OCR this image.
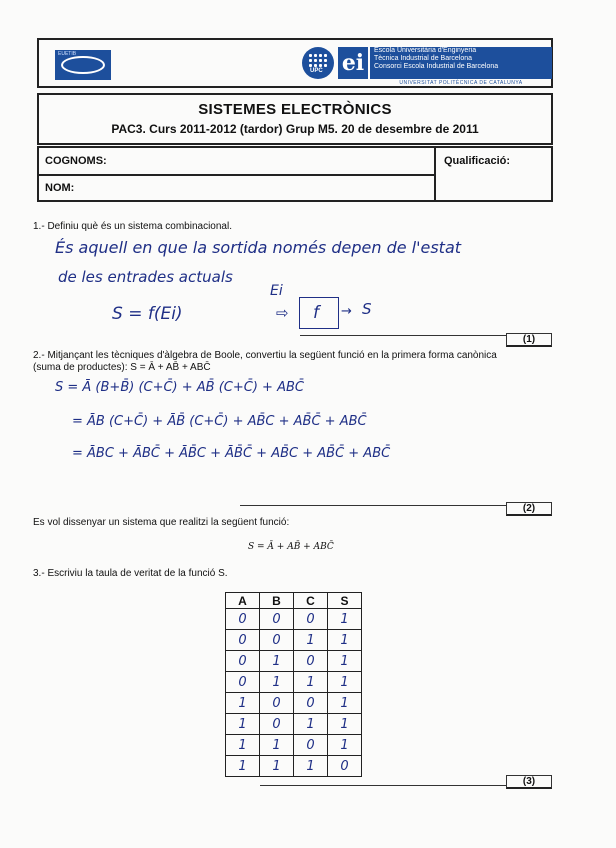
EUETIB
UPC ei	Escola Universitària d'Enginyeria
Tècnica Industrial de Barcelona
Consorci Escola Industrial de Barcelona
UNIVERSITAT POLITÈCNICA DE CATALUNYA
SISTEMES ELECTRÒNICS
PAC3. Curs 2011-2012 (tardor) Grup M5. 20 de desembre de 2011
COGNOMS:
NOM:
Qualificació:
1.- Definiu què és un sistema combinacional.
És aquell en que la sortida només depen de l'estat
de les entrades actuals
S = f(Ei)
Ei
⇨ f → S
(1)
2.- Mitjançant les tècniques d'àlgebra de Boole, convertiu la següent funció en la primera forma canònica
(suma de productes): S = Ā + AB̄ + ABC̄
S = Ā (B+B̄) (C+C̄) + AB̄ (C+C̄) + ABC̄
= ĀB (C+C̄) + ĀB̄ (C+C̄) + AB̄C + AB̄C̄ + ABC̄
= ĀBC + ĀBC̄ + ĀB̄C + ĀB̄C̄ + AB̄C + AB̄C̄ + ABC̄
(2)
Es vol dissenyar un sistema que realitzi la següent funció:
S = Ā + AB̄ + ABC̄
3.- Escriviu la taula de veritat de la funció S.
A	B	C	S
0	0	0	1
0	0	1	1
0	1	0	1
0	1	1	1
1	0	0	1
1	0	1	1
1	1	0	1
1	1	1	0
(3)
